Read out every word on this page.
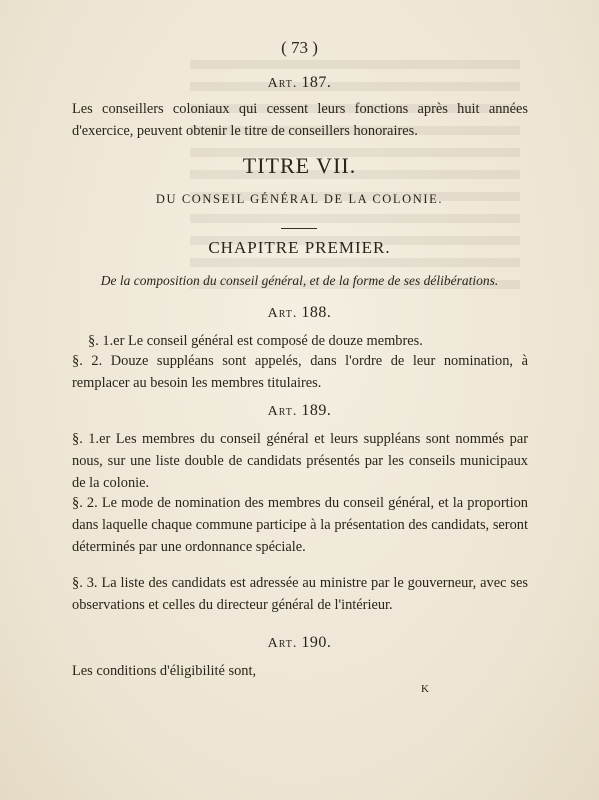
( 73 )
Art. 187.

Les conseillers coloniaux qui cessent leurs fonctions après huit années d'exercice, peuvent obtenir le titre de conseillers honoraires.

TITRE VII.
DU CONSEIL GÉNÉRAL DE LA COLONIE.
CHAPITRE PREMIER.
De la composition du conseil général, et de la forme de ses délibérations.
Art. 188.

§. 1.er Le conseil général est composé de douze membres.

§. 2. Douze suppléans sont appelés, dans l'ordre de leur nomination, à remplacer au besoin les membres titulaires.

Art. 189.

§. 1.er Les membres du conseil général et leurs suppléans sont nommés par nous, sur une liste double de candidats présentés par les conseils municipaux de la colonie.

§. 2. Le mode de nomination des membres du conseil général, et la proportion dans laquelle chaque commune participe à la présentation des candidats, seront déterminés par une ordonnance spéciale.

§. 3. La liste des candidats est adressée au ministre par le gouverneur, avec ses observations et celles du directeur général de l'intérieur.

Art. 190.

Les conditions d'éligibilité sont,

K
